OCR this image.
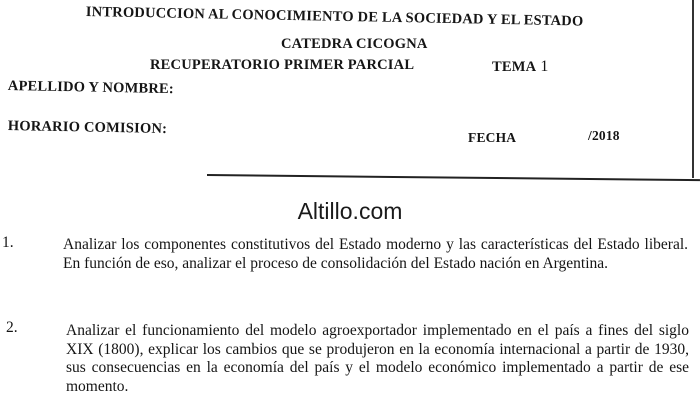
INTRODUCCION AL CONOCIMIENTO DE LA SOCIEDAD Y EL ESTADO
CATEDRA CICOGNA
RECUPERATORIO PRIMER PARCIAL	TEMA 1
APELLIDO Y NOMBRE:
HORARIO COMISION:
FECHA	/2018
Altillo.com
1.	Analizar los componentes constitutivos del Estado moderno y las características del Estado liberal. En función de eso, analizar el proceso de consolidación del Estado nación en Argentina.
2.	Analizar el funcionamiento del modelo agroexportador implementado en el país a fines del siglo XIX (1800), explicar los cambios que se produjeron en la economía internacional a partir de 1930, sus consecuencias en la economía del país y el modelo económico implementado a partir de ese momento.
